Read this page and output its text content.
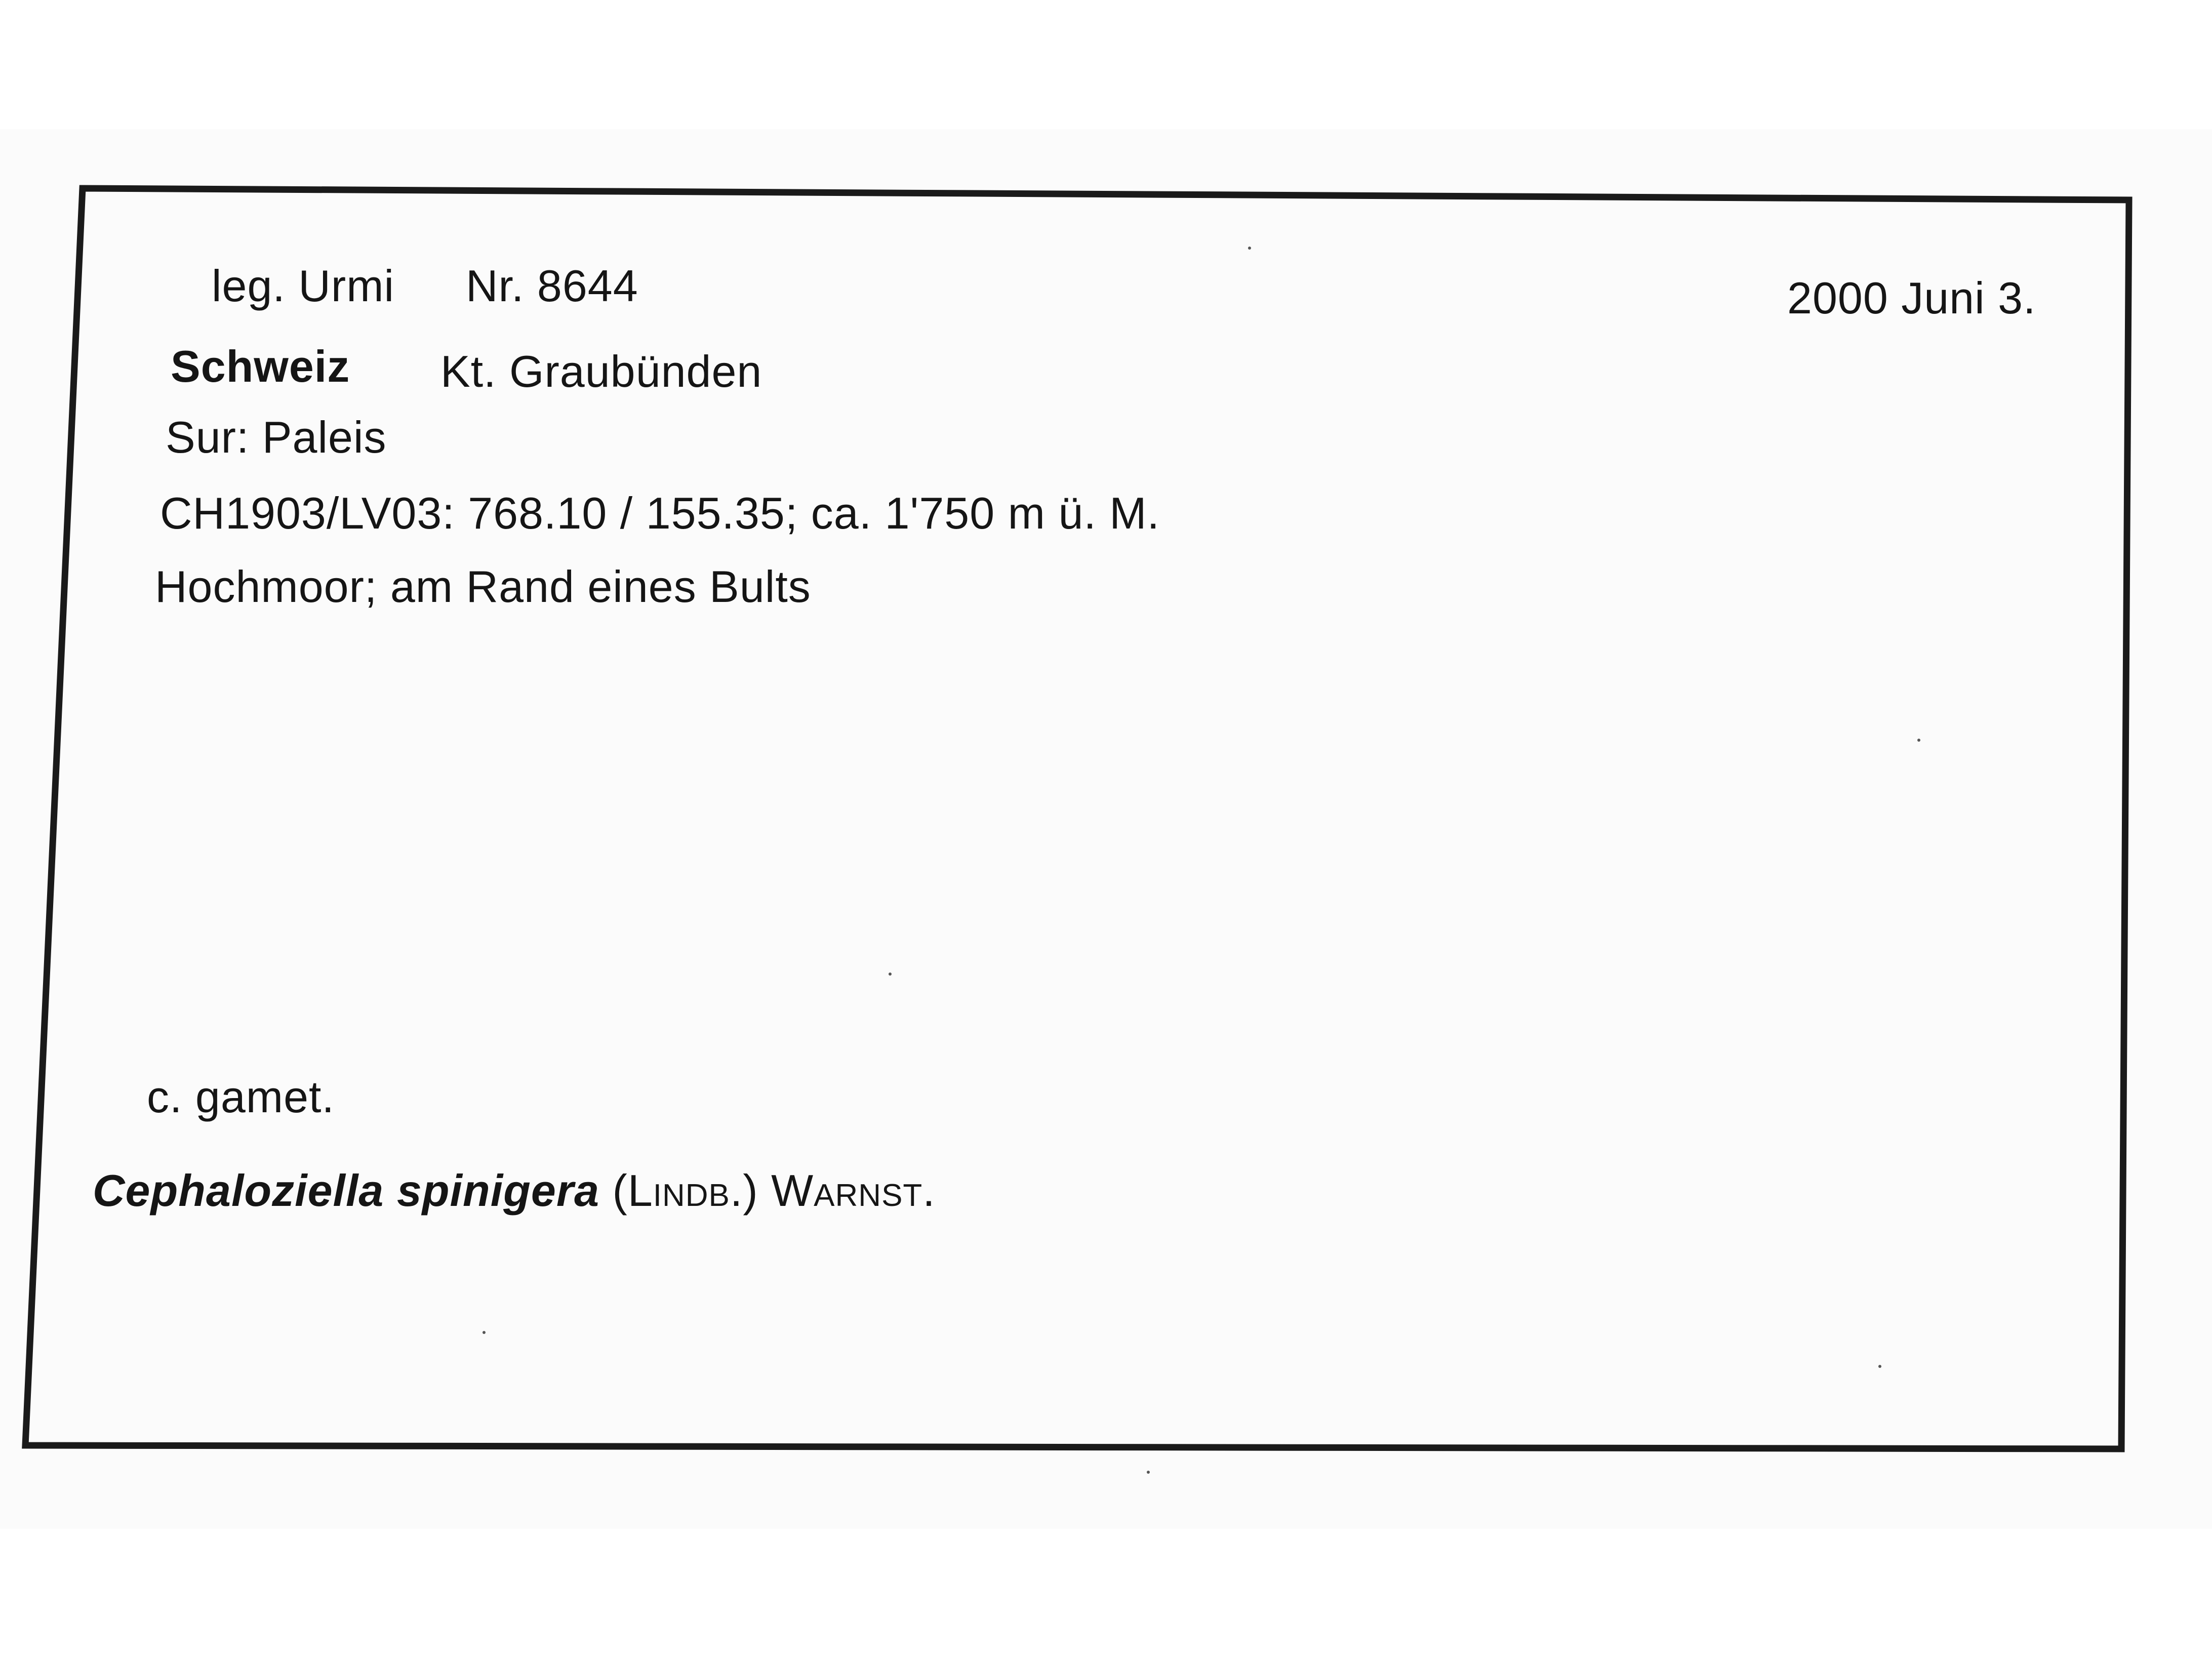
leg. Urmi Nr. 8644	2000 Juni 3.
Schweiz Kt. Graubünden
Sur: Paleis
CH1903/LV03: 768.10 / 155.35; ca. 1'750 m ü. M.
Hochmoor; am Rand eines Bults
c. gamet.
Cephaloziella spinigera (Lindb.) Warnst.
